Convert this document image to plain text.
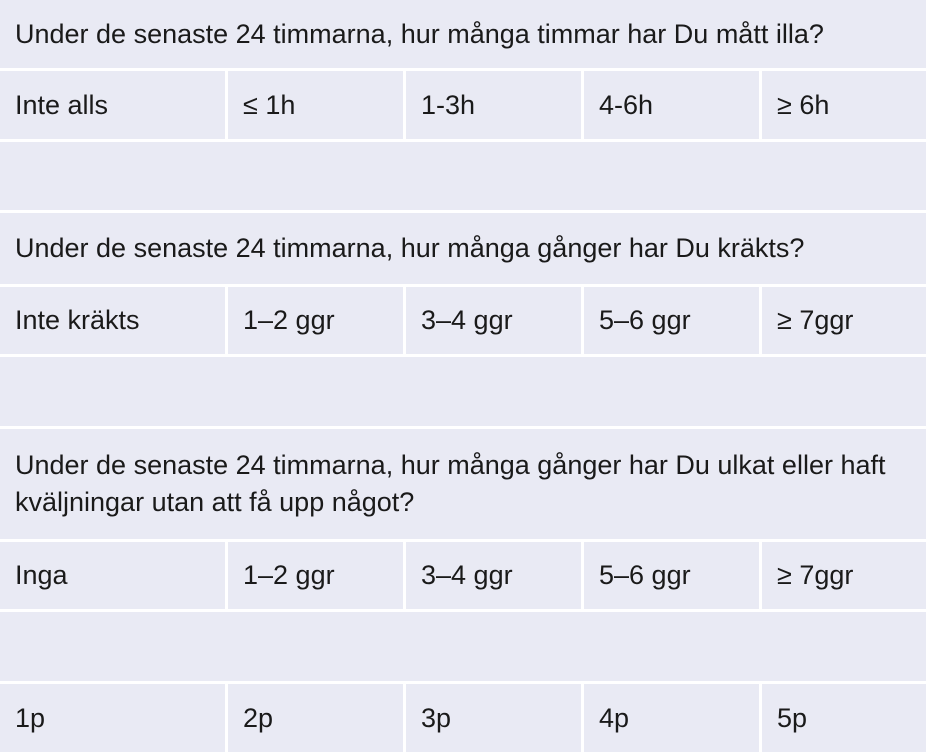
Under de senaste 24 timmarna, hur många timmar har Du mått illa?
Inte alls	≤ 1h	1-3h	4-6h	≥ 6h
Under de senaste 24 timmarna, hur många gånger har Du kräkts?
Inte kräkts	1–2 ggr	3–4 ggr	5–6 ggr	≥ 7ggr
Under de senaste 24 timmarna, hur många gånger har Du ulkat eller haft kväljningar utan att få upp något?
Inga	1–2 ggr	3–4 ggr	5–6 ggr	≥ 7ggr
1p	2p	3p	4p	5p
